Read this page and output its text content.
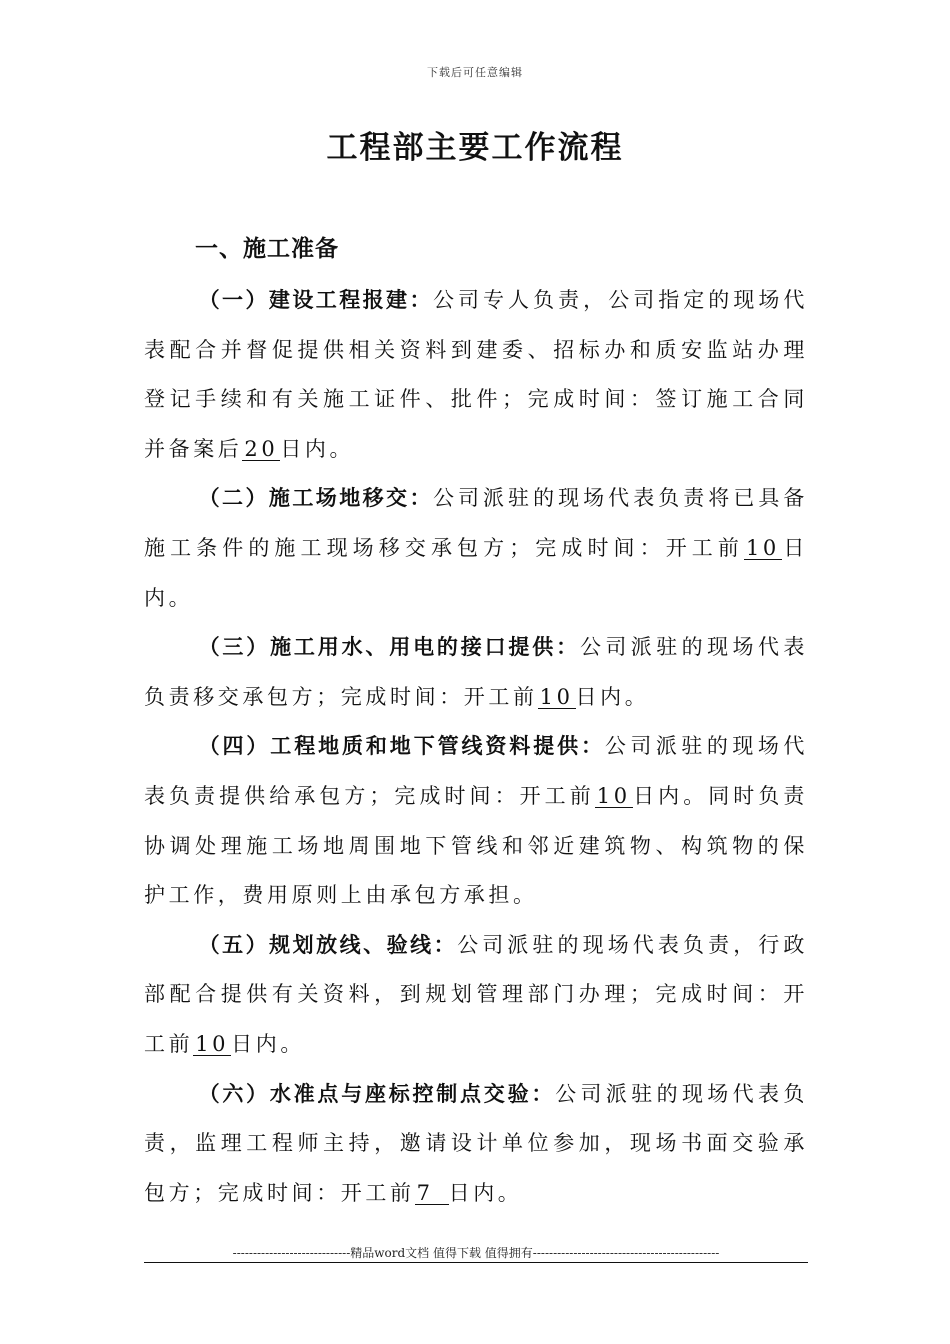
下载后可任意编辑
工程部主要工作流程
一、施工准备

（一）建设工程报建：公司专人负责，公司指定的现场代表配合并督促提供相关资料到建委、招标办和质安监站办理登记手续和有关施工证件、批件；完成时间：签订施工合同并备案后20日内。

（二）施工场地移交：公司派驻的现场代表负责将已具备施工条件的施工现场移交承包方；完成时间：开工前10日内。

（三）施工用水、用电的接口提供：公司派驻的现场代表负责移交承包方；完成时间：开工前10日内。

（四）工程地质和地下管线资料提供：公司派驻的现场代表负责提供给承包方；完成时间：开工前10日内。同时负责协调处理施工场地周围地下管线和邻近建筑物、构筑物的保护工作，费用原则上由承包方承担。

（五）规划放线、验线：公司派驻的现场代表负责，行政部配合提供有关资料，到规划管理部门办理；完成时间：开工前10日内。

（六）水准点与座标控制点交验：公司派驻的现场代表负责，监理工程师主持，邀请设计单位参加，现场书面交验承包方；完成时间：开工前7 日内。

-----------------------------精品word文档 值得下载 值得拥有----------------------------------------------
